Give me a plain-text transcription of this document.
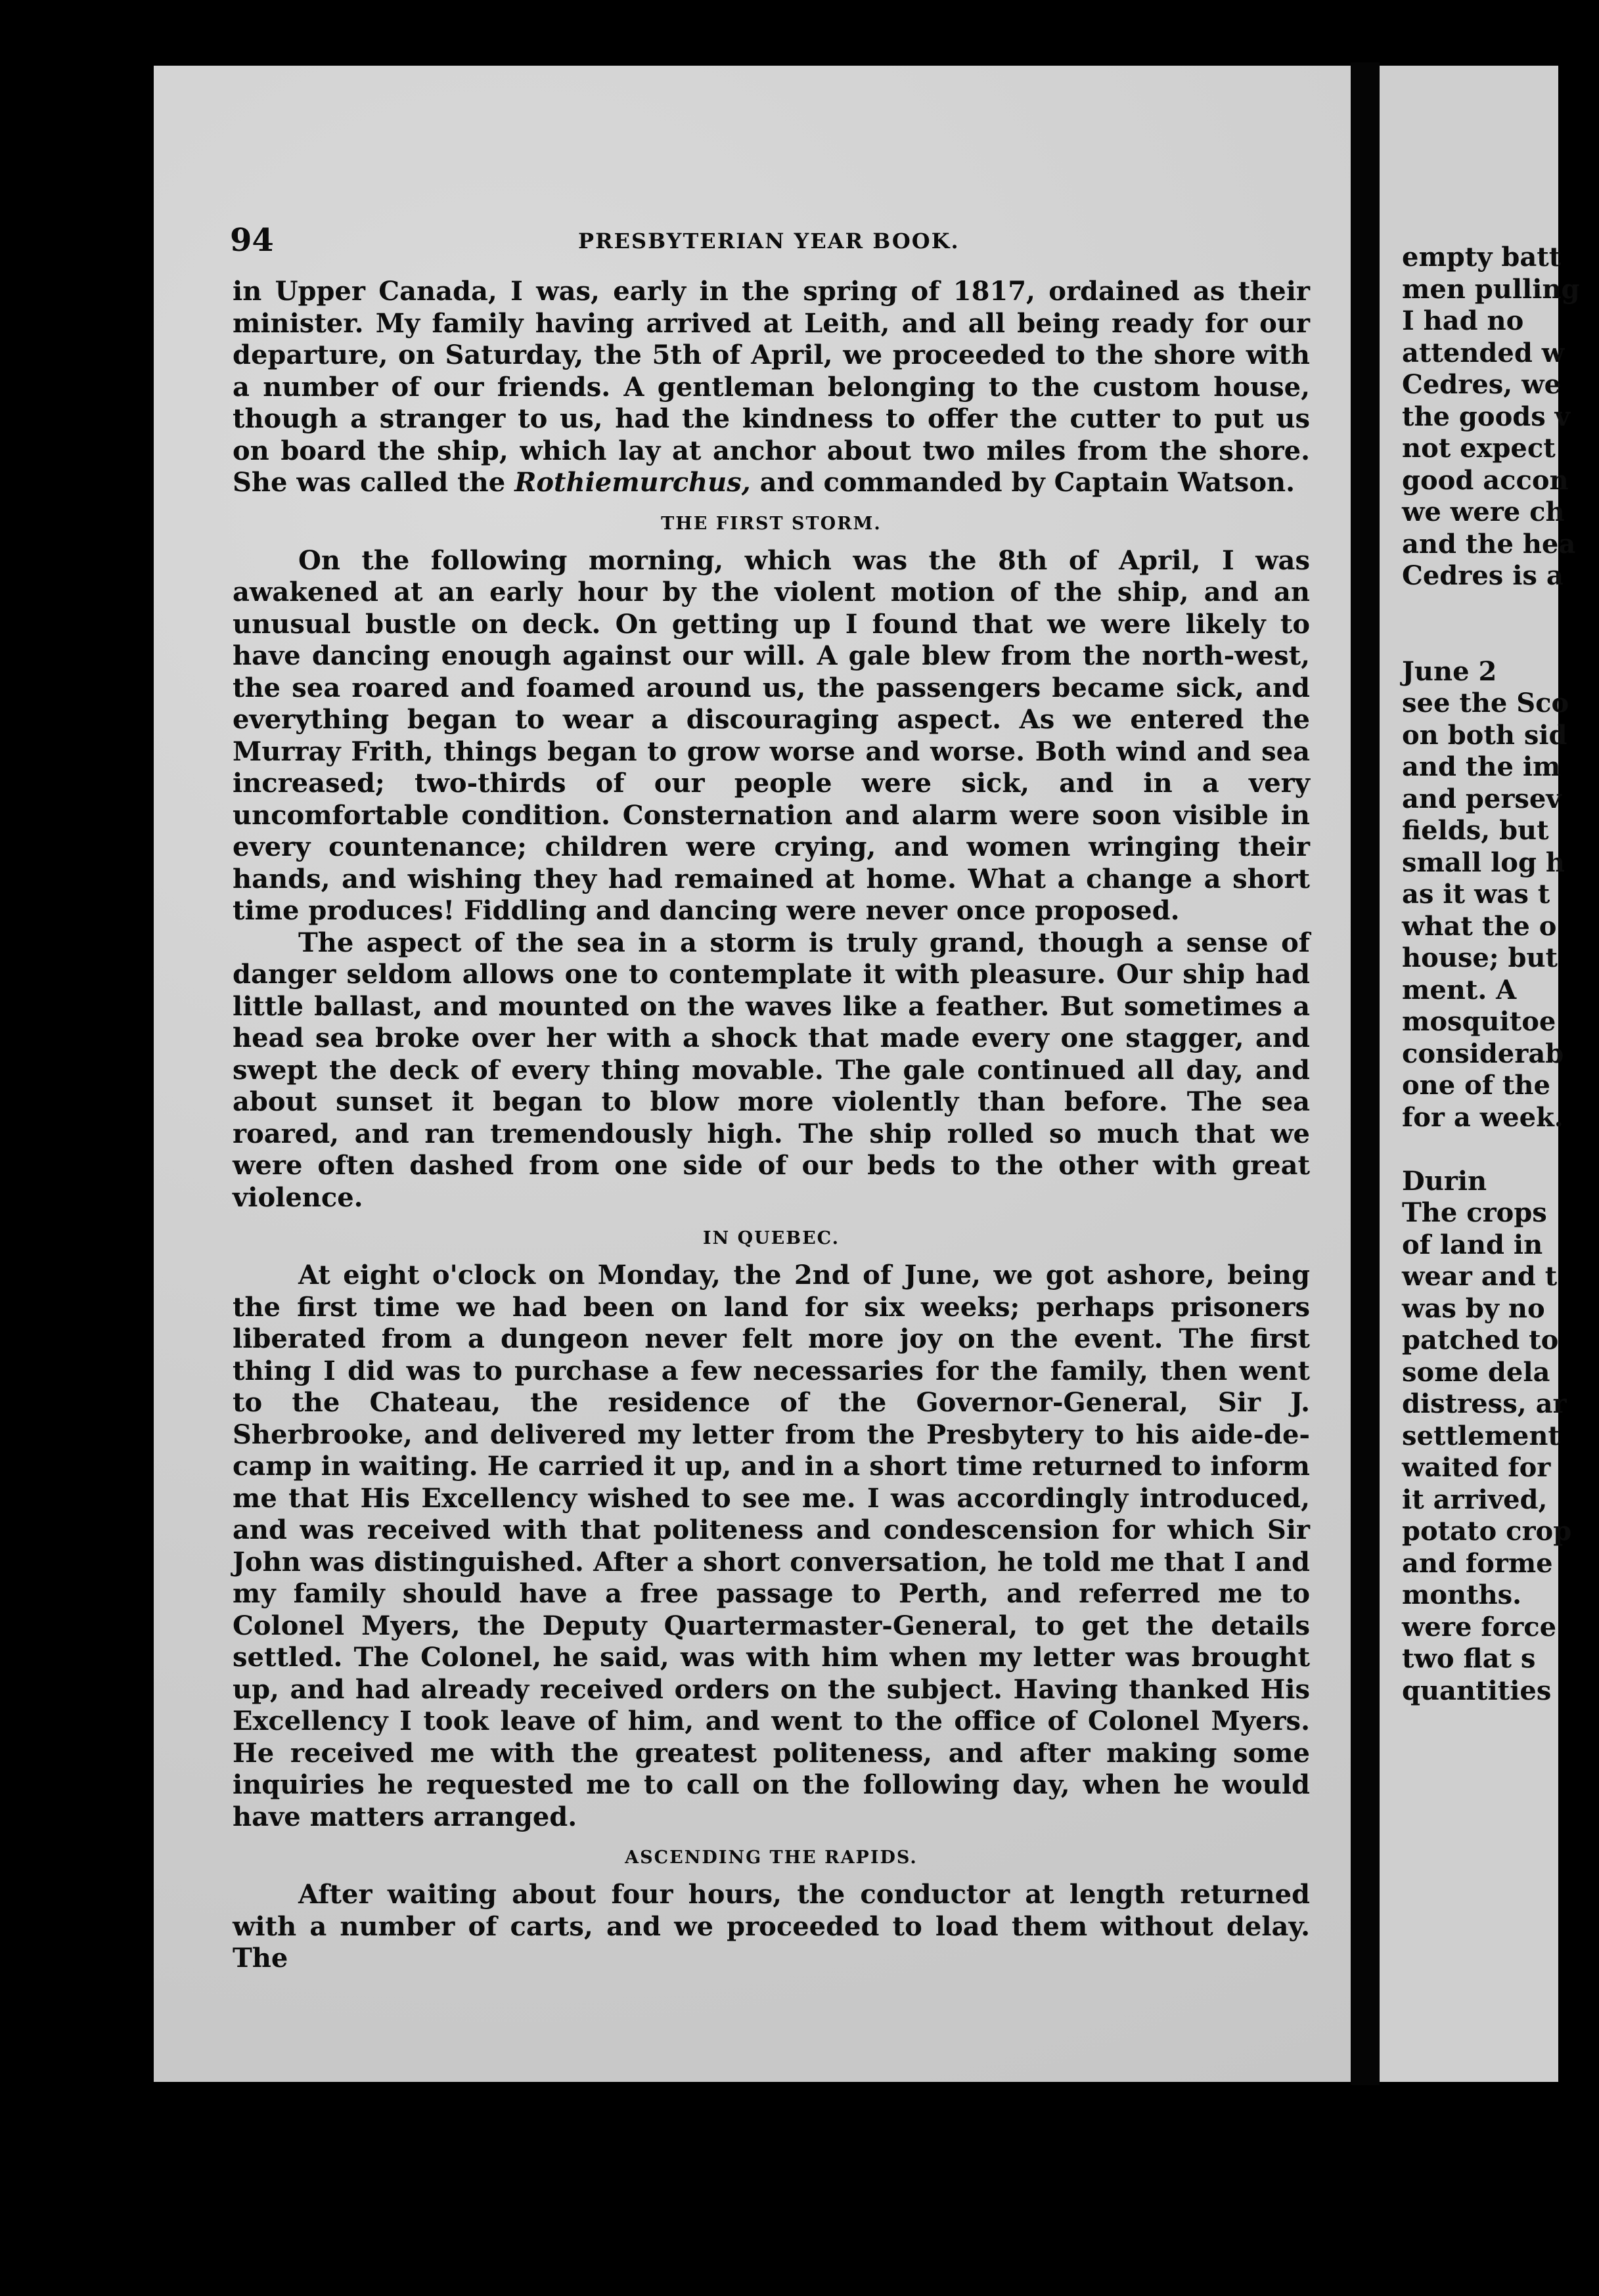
94	PRESBYTERIAN YEAR BOOK.

in Upper Canada, I was, early in the spring of 1817, ordained as their minister. My family having arrived at Leith, and all being ready for our departure, on Saturday, the 5th of April, we proceeded to the shore with a number of our friends. A gentleman belonging to the custom house, though a stranger to us, had the kindness to offer the cutter to put us on board the ship, which lay at anchor about two miles from the shore. She was called the Rothiemurchus, and commanded by Captain Watson.

THE FIRST STORM.

On the following morning, which was the 8th of April, I was awakened at an early hour by the violent motion of the ship, and an unusual bustle on deck. On getting up I found that we were likely to have dancing enough against our will. A gale blew from the north-west, the sea roared and foamed around us, the passengers became sick, and everything began to wear a discouraging aspect. As we entered the Murray Frith, things began to grow worse and worse. Both wind and sea increased; two-thirds of our people were sick, and in a very uncomfortable condition. Consternation and alarm were soon visible in every countenance; children were crying, and women wringing their hands, and wishing they had remained at home. What a change a short time produces! Fiddling and dancing were never once proposed.

The aspect of the sea in a storm is truly grand, though a sense of danger seldom allows one to contemplate it with pleasure. Our ship had little ballast, and mounted on the waves like a feather. But sometimes a head sea broke over her with a shock that made every one stagger, and swept the deck of every thing movable. The gale continued all day, and about sunset it began to blow more violently than before. The sea roared, and ran tremendously high. The ship rolled so much that we were often dashed from one side of our beds to the other with great violence.

IN QUEBEC.

At eight o'clock on Monday, the 2nd of June, we got ashore, being the first time we had been on land for six weeks; perhaps prisoners liberated from a dungeon never felt more joy on the event. The first thing I did was to purchase a few necessaries for the family, then went to the Chateau, the residence of the Governor-General, Sir J. Sherbrooke, and delivered my letter from the Presbytery to his aide-de-camp in waiting. He carried it up, and in a short time returned to inform me that His Excellency wished to see me. I was accordingly introduced, and was received with that politeness and condescension for which Sir John was distinguished. After a short conversation, he told me that I and my family should have a free passage to Perth, and referred me to Colonel Myers, the Deputy Quartermaster-General, to get the details settled. The Colonel, he said, was with him when my letter was brought up, and had already received orders on the subject. Having thanked His Excellency I took leave of him, and went to the office of Colonel Myers. He received me with the greatest politeness, and after making some inquiries he requested me to call on the following day, when he would have matters arranged.

ASCENDING THE RAPIDS.

After waiting about four hours, the conductor at length returned with a number of carts, and we proceeded to load them without delay. The

empty batt
men pulling
I had no
attended w
Cedres, we
the goods v
not expect
good accon
we were ch
and the hea
Cedres is a
June 2
see the Sco
on both sid
and the im
and persev
fields, but
small log h
as it was t
what the o
house; but
ment. A
mosquitoe
considerab
one of the
for a week.
Durin
The crops
of land in
wear and t
was by no
patched to
some dela
distress, ar
settlement
waited for
it arrived,
potato crop
and forme
months.
were force
two flat s
quantities
